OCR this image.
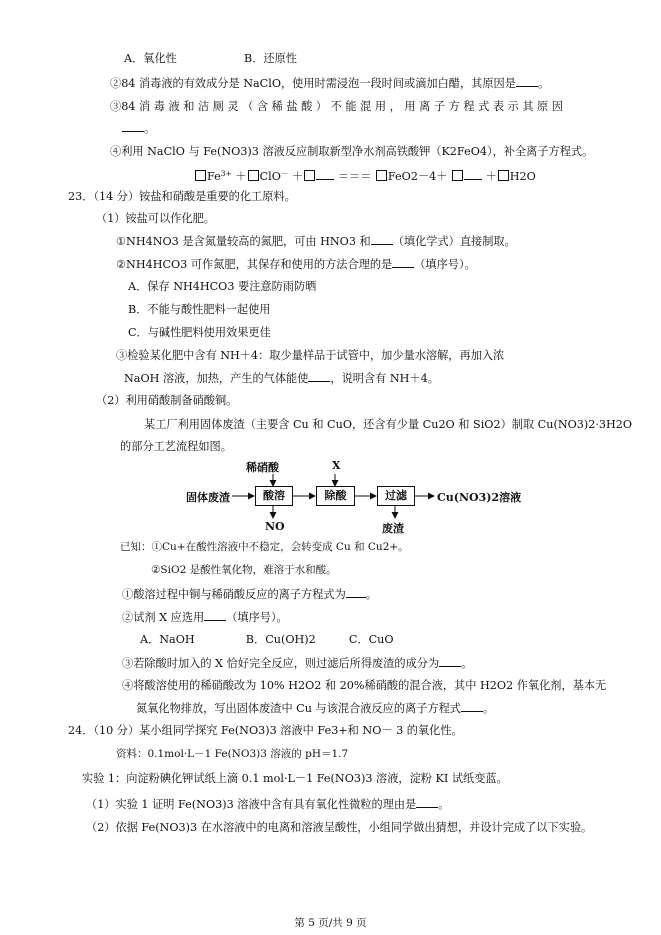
A．氧化性	B．还原性
②84 消毒液的有效成分是 NaClO，使用时需浸泡一段时间或滴加白醋，其原因是 。
③84 消 毒 液 和 洁 厕 灵 （ 含 稀 盐 酸 ） 不 能 混 用 ， 用 离 子 方 程 式 表 示 其 原 因
。
④利用 NaClO 与 Fe(NO3)3 溶液反应制取新型净水剂高铁酸钾（K2FeO4），补全离子方程式。
$Fe^{3+} + ClO^-$ ＋	＝＝＝ FeO2－4＋	＋ H2O
23．（14 分）铵盐和硝酸是重要的化工原料。
（1）铵盐可以作化肥。
①NH4NO3 是含氮量较高的氮肥，可由 HNO3 和 （填化学式）直接制取。
②NH4HCO3 可作氮肥，其保存和使用的方法合理的是 （填序号）。
A．保存 NH4HCO3 要注意防雨防晒
B．不能与酸性肥料一起使用
C．与碱性肥料使用效果更佳
③检验某化肥中含有 NH＋4：取少量样品于试管中，加少量水溶解，再加入浓
NaOH 溶液，加热，产生的气体能使 ，说明含有 NH＋4。
（2）利用硝酸制备硝酸铜。
某工厂利用固体废渣（主要含 Cu 和 CuO，还含有少量 Cu2O 和 SiO2）制取 Cu(NO3)2·3H2O
的部分工艺流程如图。
稀硝酸	X
固体废渣	酸溶	除酸	过滤	Cu(NO3)2溶液
NO	废渣
已知：①Cu+在酸性溶液中不稳定，会转变成 Cu 和 Cu2+。
②SiO2 是酸性氧化物，难溶于水和酸。
①酸溶过程中铜与稀硝酸反应的离子方程式为 。
②试剂 X 应选用 （填序号）。
A．NaOH	B．Cu(OH)2	C．CuO
③若除酸时加入的 X 恰好完全反应，则过滤后所得废渣的成分为 。
④将酸溶使用的稀硝酸改为 10% H2O2 和 20%稀硝酸的混合液，其中 H2O2 作氧化剂，基本无
氮氧化物排放，写出固体废渣中 Cu 与该混合液反应的离子方程式 。
24．（10 分）某小组同学探究 Fe(NO3)3 溶液中 Fe3+和 NO－ 3 的氧化性。
资料：0.1mol·L－1 Fe(NO3)3 溶液的 pH＝1.7
实验 1：向淀粉碘化钾试纸上滴 0.1 mol·L－1 Fe(NO3)3 溶液，淀粉 KI 试纸变蓝。
（1）实验 1 证明 Fe(NO3)3 溶液中含有具有氧化性微粒的理由是 。
（2）依据 Fe(NO3)3 在水溶液中的电离和溶液呈酸性，小组同学做出猜想，并设计完成了以下实验。
第 5 页/共 9 页
